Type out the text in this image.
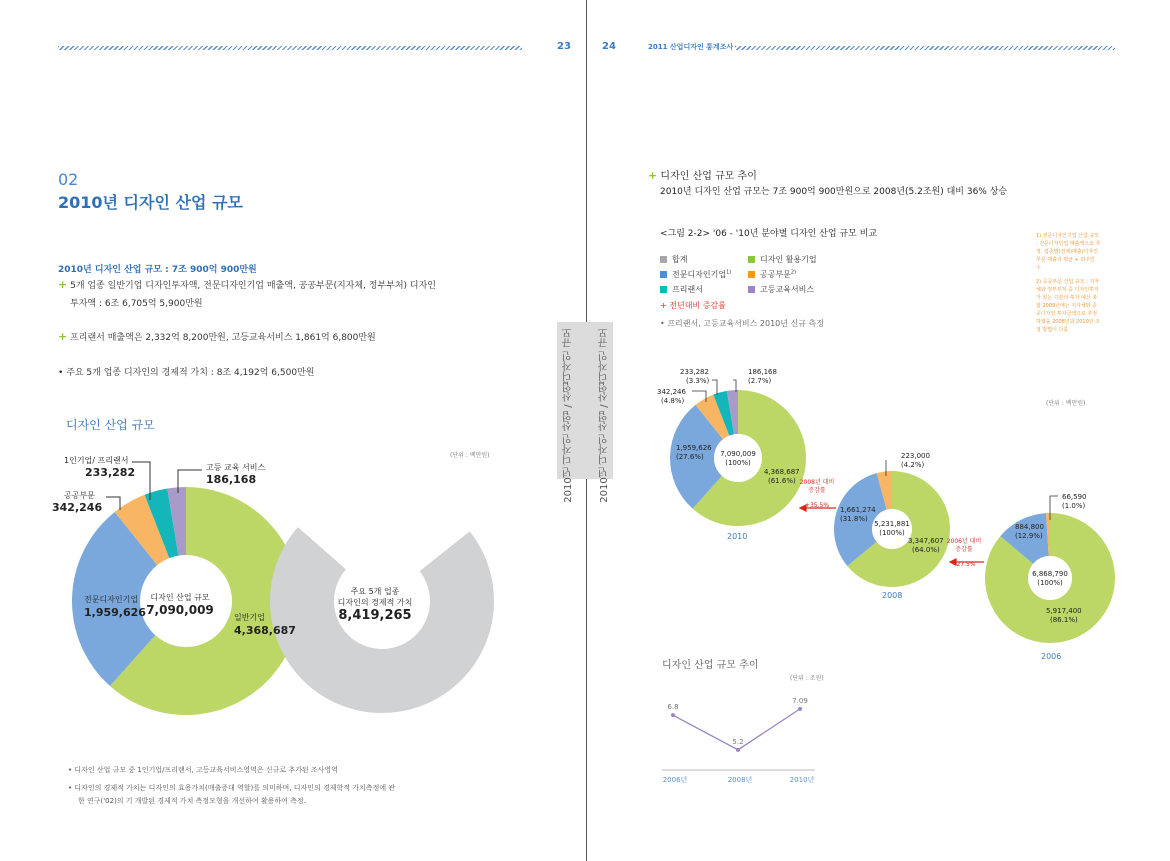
23	24	2011 산업디자인 통계조사
2010년 디자인 산업 / 산업디자인 규모	2010년 디자인 산업 / 산업디자인 규모
02
2010년 디자인 산업 규모
2010년 디자인 산업 규모 : 7조 900억 900만원
+ 5개 업종 일반기업 디자인투자액, 전문디자인기업 매출액, 공공부문(지자체, 정부부처) 디자인
투자액 : 6조 6,705억 5,900만원
+ 프리랜서 매출액은 2,332억 8,200만원, 고등교육서비스 1,861억 6,800만원
• 주요 5개 업종 디자인의 경제적 가치 : 8조 4,192억 6,500만원
디자인 산업 규모
(단위 : 백만원)
1인기업/ 프리랜서
233,282
공공부문
342,246
고등 교육 서비스
186,168
전문디자인기업
1,959,626	일반기업
4,368,687
디자인 산업 규모
7,090,009
주요 5개 업종
디자인의 경제적 가치
8,419,265
• 디자인 산업 규모 중 1인기업/프리랜서, 고등교육서비스영역은 신규로 추가된 조사영역
• 디자인의 경제적 가치는 디자인의 효용가치(매출증대 역할)를 의미하며, 디자인의 경제학적 가치측정에 관
한 연구('02)의 기 개발된 경제적 가치 측정모형을 개선하여 활용하여 측정.
+ 디자인 산업 규모 추이
2010년 디자인 산업 규모는 7조 900억 900만원으로 2008년(5.2조원) 대비 36% 상승
<그림 2-2> '06 - '10년 분야별 디자인 산업 규모 비교
합계	디자인 활용기업
전문디자인기업$^{1)}$	공공부문$^{2)}$
프리랜서	고등교육서비스
+ 전년대비 증감률
• 프리랜서, 고등교육서비스 2010년 신규 측정
1) 전문디자인기업 산업 규모 : 전문디자인업 매출액으로 추정. 업종별(전체)매출/디자인부문 매출의 평균 + 외주인 수
2) 공공부문 산업 규모 : 지자체와 정부부처 중 디자인투자가 있는 기관의 투자 예산 총합 2009년에는 지자체와 공공디자인 투자금액으로 추정하였을 2008년과 2010년 조정 방법이 다름
(단위 : 백만원)
6.8
2006년
5.2
2008년
7.09
2010년
233,282
(3.3%)
342,246
(4.8%)
186,168
(2.7%)
1,959,626
(27.6%)
4,368,687
(61.6%)
7,090,009
(100%)
2010
223,000
(4.2%)
1,661,274
(31.8%)
3,347,607
(64.0%)
5,231,881
(100%)
2008
66,590
(1.0%)
884,800
(12.9%)
5,917,400
(86.1%)
6,868,790
(100%)
2006
2008년 대비
증감률
+35.5%
2006년 대비
증감률
- 27.5%
디자인 산업 규모 추이
(단위 : 조원)
